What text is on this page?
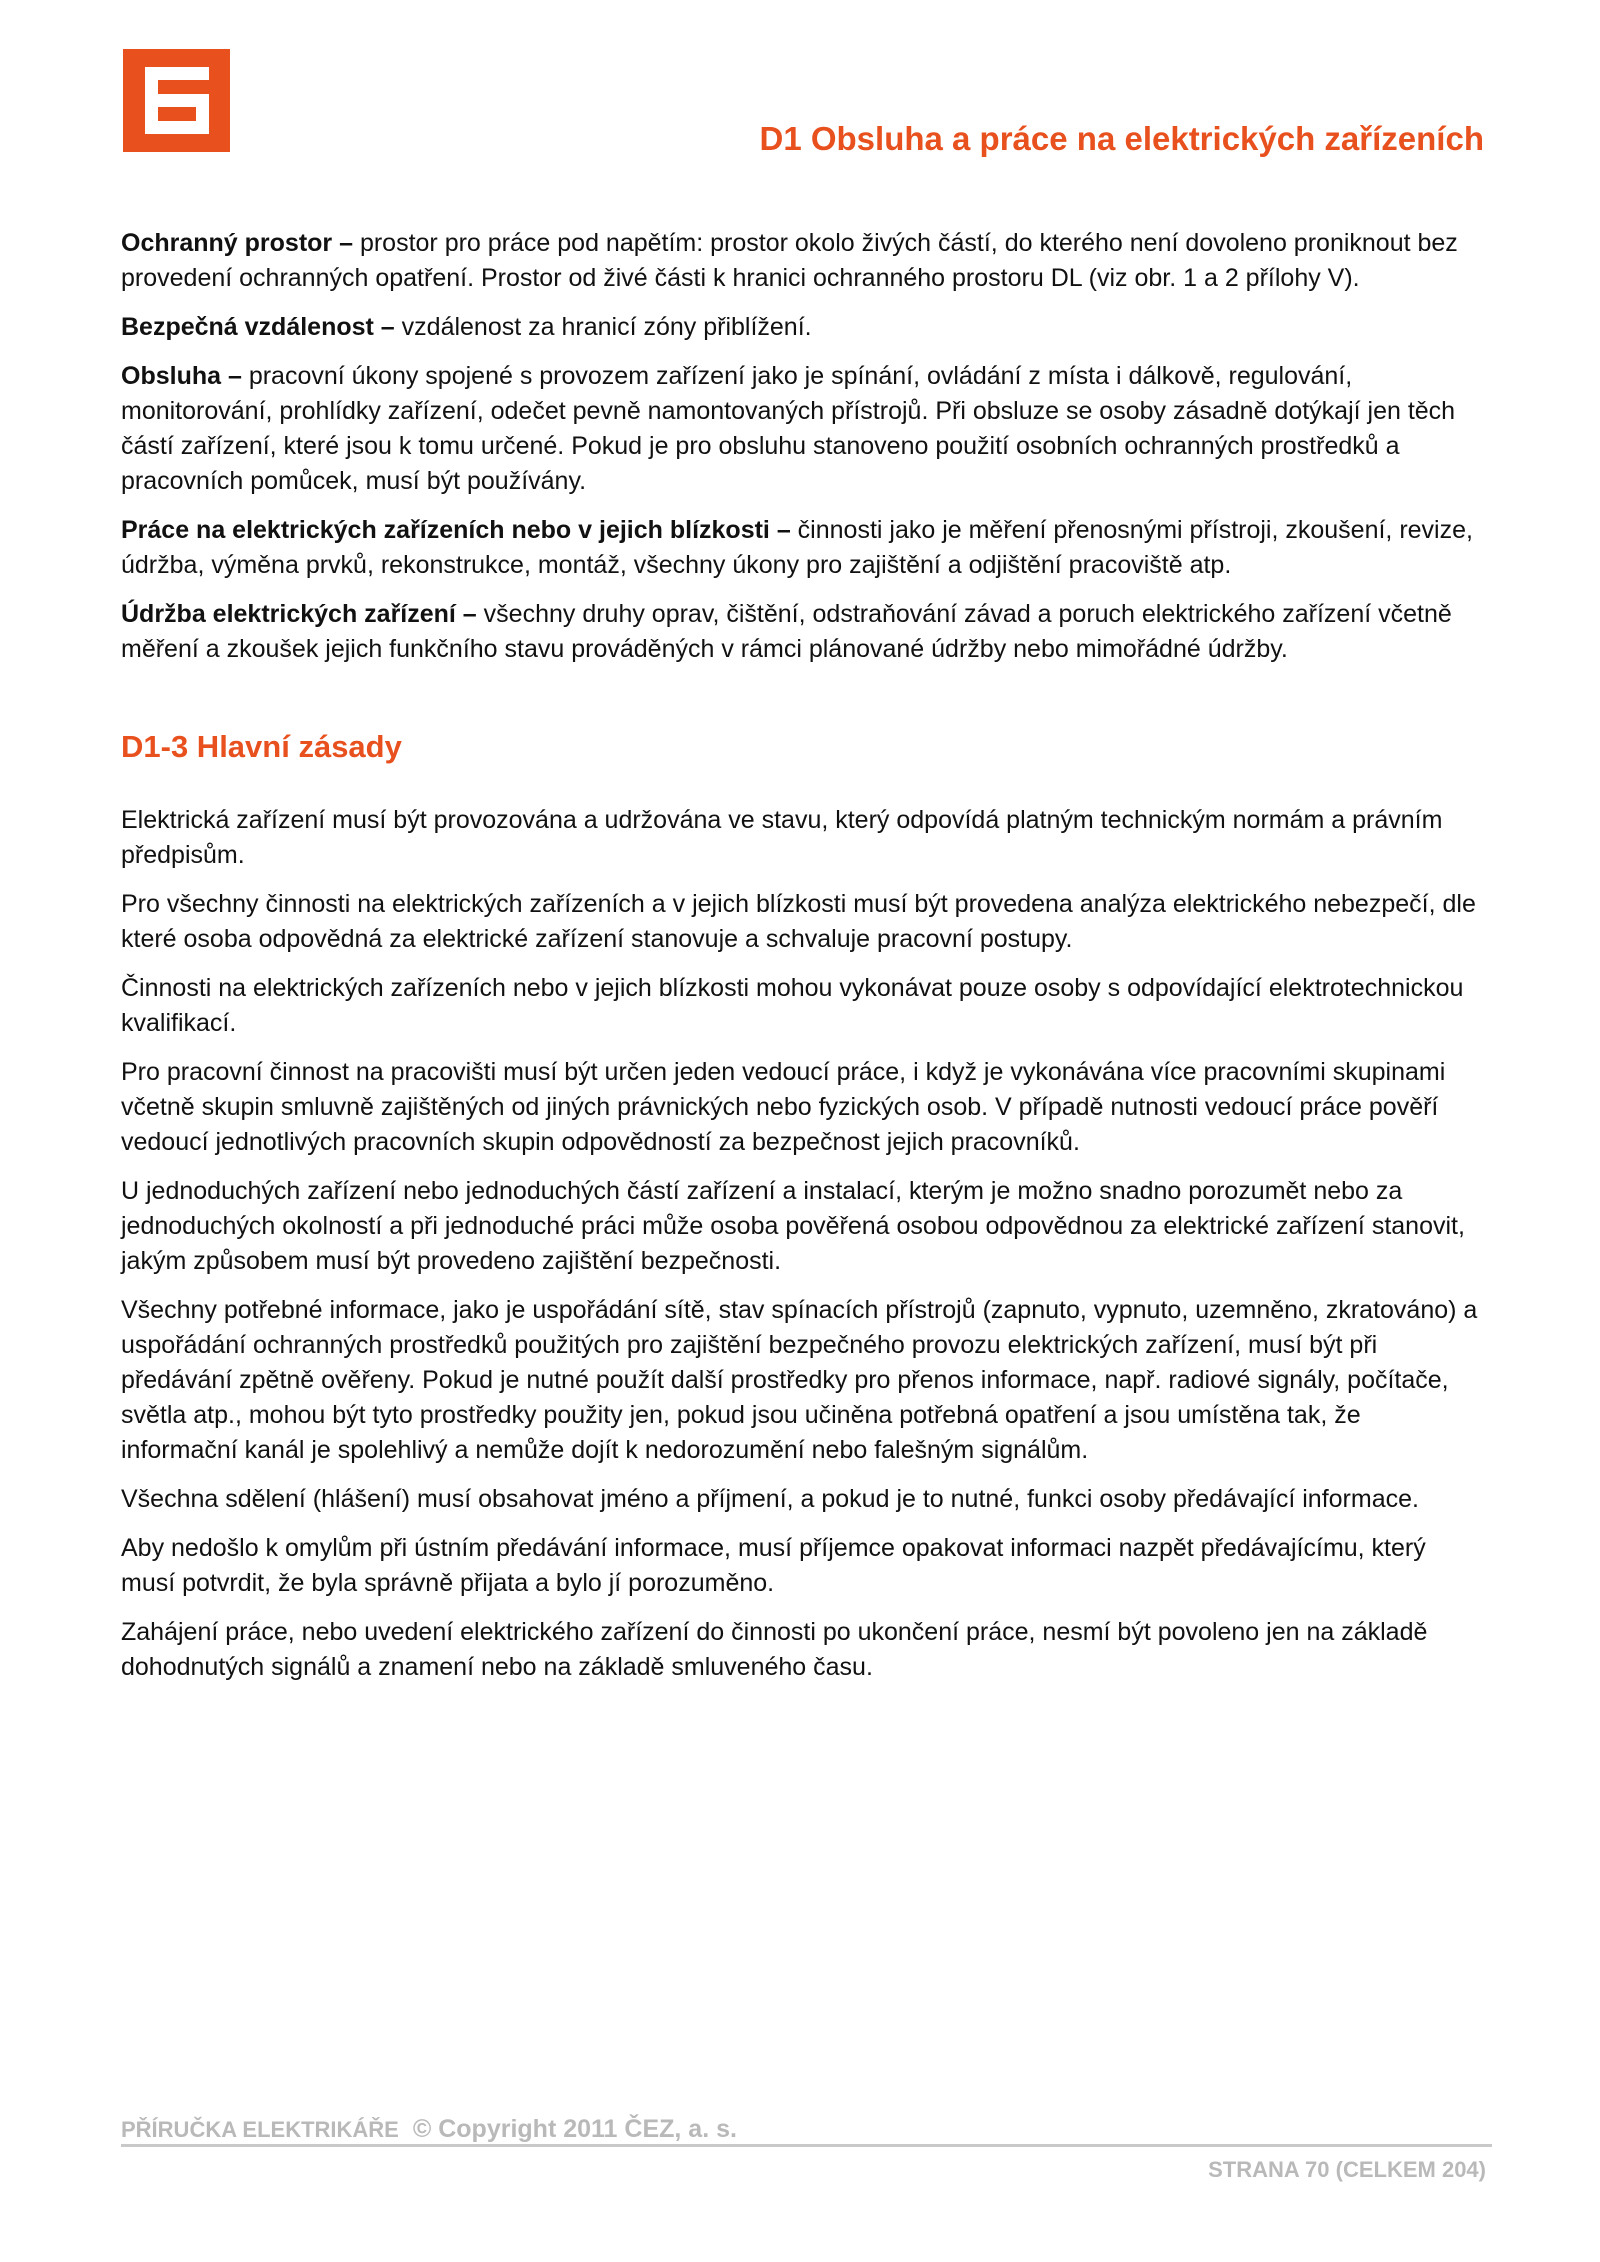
D1 Obsluha a práce na elektrických zařízeních

Ochranný prostor – prostor pro práce pod napětím: prostor okolo živých částí, do kterého není dovoleno proniknout bez provedení ochranných opatření. Prostor od živé části k hranici ochranného prostoru DL (viz obr. 1 a 2 přílohy V).

Bezpečná vzdálenost – vzdálenost za hranicí zóny přiblížení.

Obsluha – pracovní úkony spojené s provozem zařízení jako je spínání, ovládání z místa i dálkově, regulování, monitorování, prohlídky zařízení, odečet pevně namontovaných přístrojů. Při obsluze se osoby zásadně dotýkají jen těch částí zařízení, které jsou k tomu určené. Pokud je pro obsluhu stanoveno použití osobních ochranných prostředků a pracovních pomůcek, musí být používány.

Práce na elektrických zařízeních nebo v jejich blízkosti – činnosti jako je měření přenosnými přístroji, zkoušení, revize, údržba, výměna prvků, rekonstrukce, montáž, všechny úkony pro zajištění a odjištění pracoviště atp.

Údržba elektrických zařízení – všechny druhy oprav, čištění, odstraňování závad a poruch elektrického zařízení včetně měření a zkoušek jejich funkčního stavu prováděných v rámci plánované údržby nebo mimořádné údržby.

D1-3 Hlavní zásady

Elektrická zařízení musí být provozována a udržována ve stavu, který odpovídá platným technickým normám a právním předpisům.

Pro všechny činnosti na elektrických zařízeních a v jejich blízkosti musí být provedena analýza elektrického nebezpečí, dle které osoba odpovědná za elektrické zařízení stanovuje a schvaluje pracovní postupy.

Činnosti na elektrických zařízeních nebo v jejich blízkosti mohou vykonávat pouze osoby s odpovídající elektrotechnickou kvalifikací.

Pro pracovní činnost na pracovišti musí být určen jeden vedoucí práce, i když je vykonávána více pracovními skupinami včetně skupin smluvně zajištěných od jiných právnických nebo fyzických osob. V případě nutnosti vedoucí práce pověří vedoucí jednotlivých pracovních skupin odpovědností za bezpečnost jejich pracovníků.

U jednoduchých zařízení nebo jednoduchých částí zařízení a instalací, kterým je možno snadno porozumět nebo za jednoduchých okolností a při jednoduché práci může osoba pověřená osobou odpovědnou za elektrické zařízení stanovit, jakým způsobem musí být provedeno zajištění bezpečnosti.

Všechny potřebné informace, jako je uspořádání sítě, stav spínacích přístrojů (zapnuto, vypnuto, uzemněno, zkratováno) a uspořádání ochranných prostředků použitých pro zajištění bezpečného provozu elektrických zařízení, musí být při předávání zpětně ověřeny. Pokud je nutné použít další prostředky pro přenos informace, např. radiové signály, počítače, světla atp., mohou být tyto prostředky použity jen, pokud jsou učiněna potřebná opatření a jsou umístěna tak, že informační kanál je spolehlivý a nemůže dojít k nedorozumění nebo falešným signálům.

Všechna sdělení (hlášení) musí obsahovat jméno a příjmení, a pokud je to nutné, funkci osoby předávající informace.

Aby nedošlo k omylům při ústním předávání informace, musí příjemce opakovat informaci nazpět předávajícímu, který musí potvrdit, že byla správně přijata a bylo jí porozuměno.

Zahájení práce, nebo uvedení elektrického zařízení do činnosti po ukončení práce, nesmí být povoleno jen na základě dohodnutých signálů a znamení nebo na základě smluveného času.

PŘÍRUČKA ELEKTRIKÁŘE © Copyright 2011 ČEZ, a. s.
STRANA 70 (CELKEM 204)
